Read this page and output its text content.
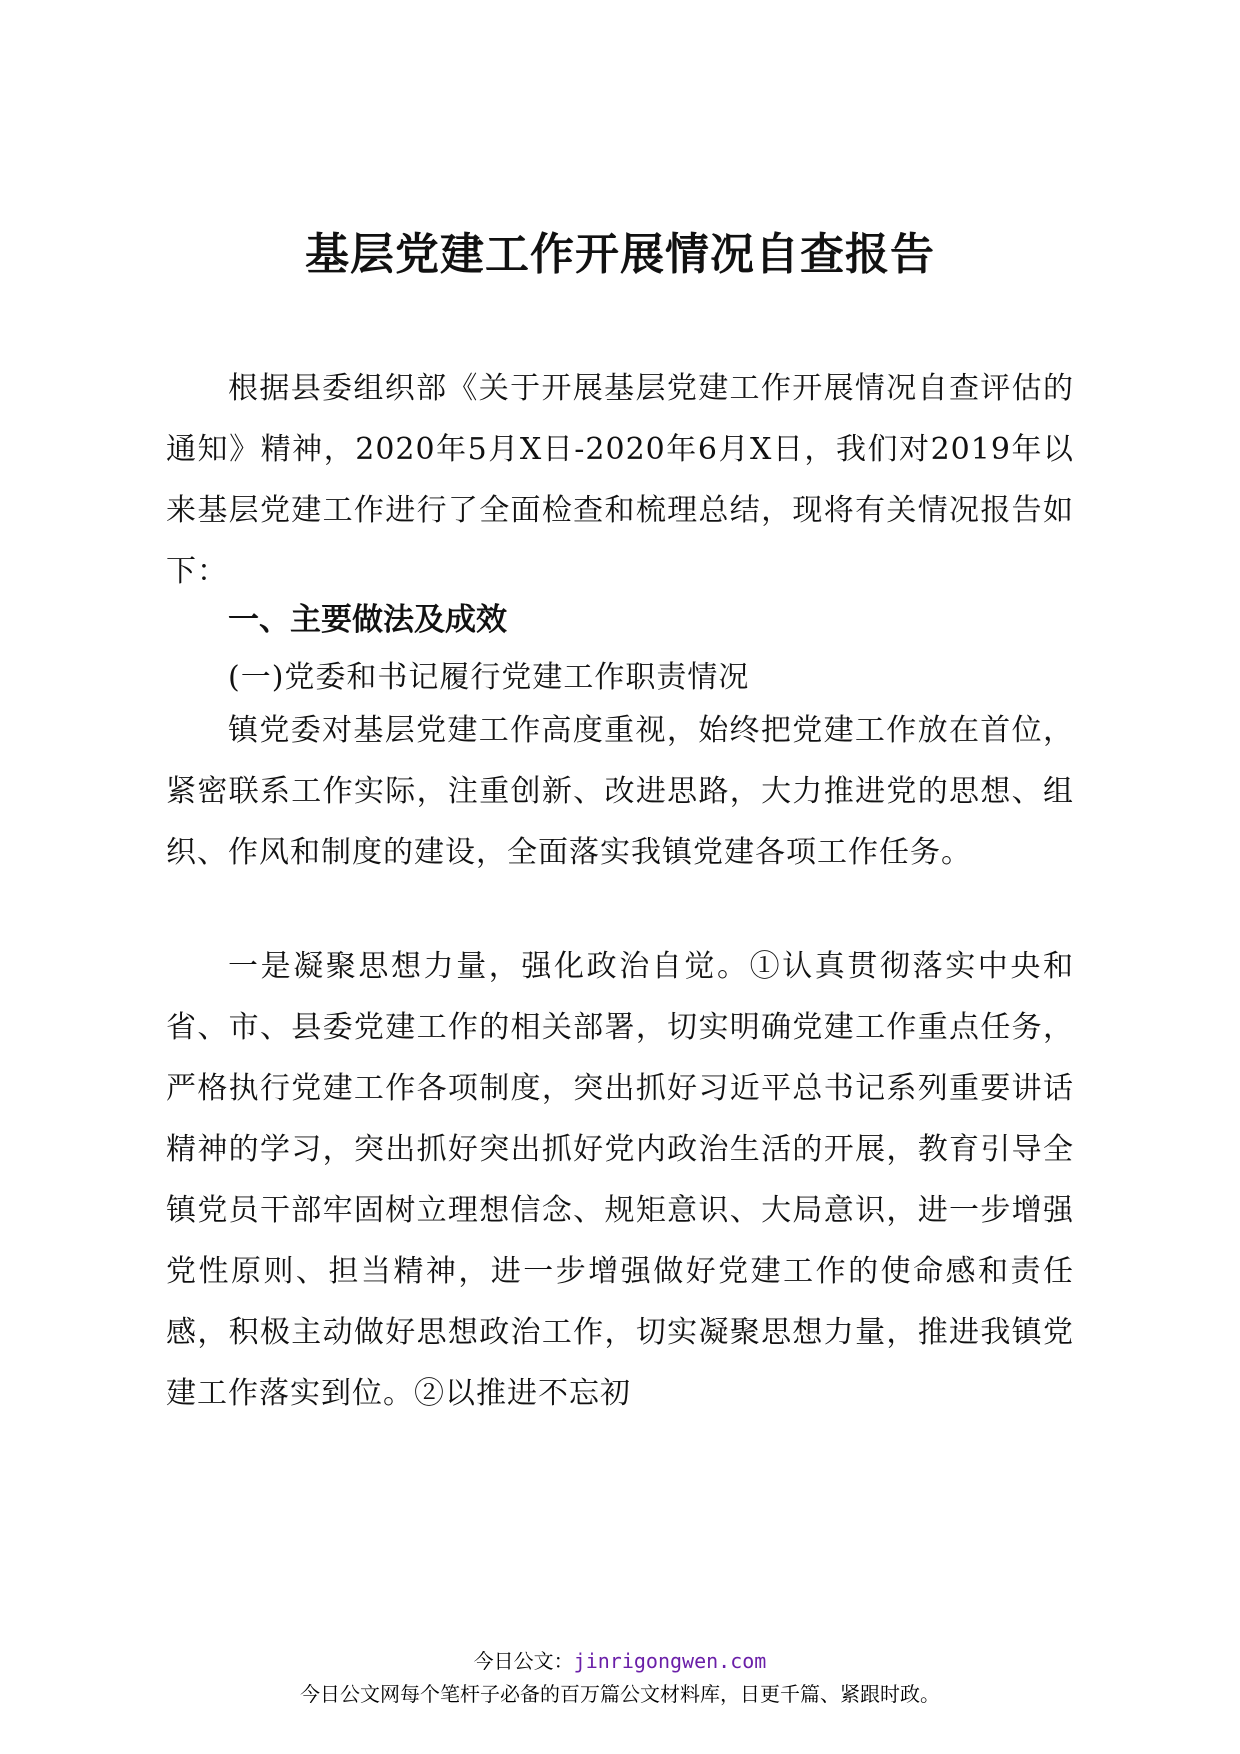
基层党建工作开展情况自查报告

根据县委组织部《关于开展基层党建工作开展情况自查评估的通知》精神，2020年5月X日-2020年6月X日，我们对2019年以来基层党建工作进行了全面检查和梳理总结，现将有关情况报告如下：

一、主要做法及成效
(一)党委和书记履行党建工作职责情况

镇党委对基层党建工作高度重视，始终把党建工作放在首位，紧密联系工作实际，注重创新、改进思路，大力推进党的思想、组织、作风和制度的建设，全面落实我镇党建各项工作任务。

一是凝聚思想力量，强化政治自觉。①认真贯彻落实中央和省、市、县委党建工作的相关部署，切实明确党建工作重点任务，严格执行党建工作各项制度，突出抓好习近平总书记系列重要讲话精神的学习，突出抓好突出抓好党内政治生活的开展，教育引导全镇党员干部牢固树立理想信念、规矩意识、大局意识，进一步增强党性原则、担当精神，进一步增强做好党建工作的使命感和责任感，积极主动做好思想政治工作，切实凝聚思想力量，推进我镇党建工作落实到位。②以推进不忘初

今日公文：jinrigongwen.com
今日公文网每个笔杆子必备的百万篇公文材料库，日更千篇、紧跟时政。
